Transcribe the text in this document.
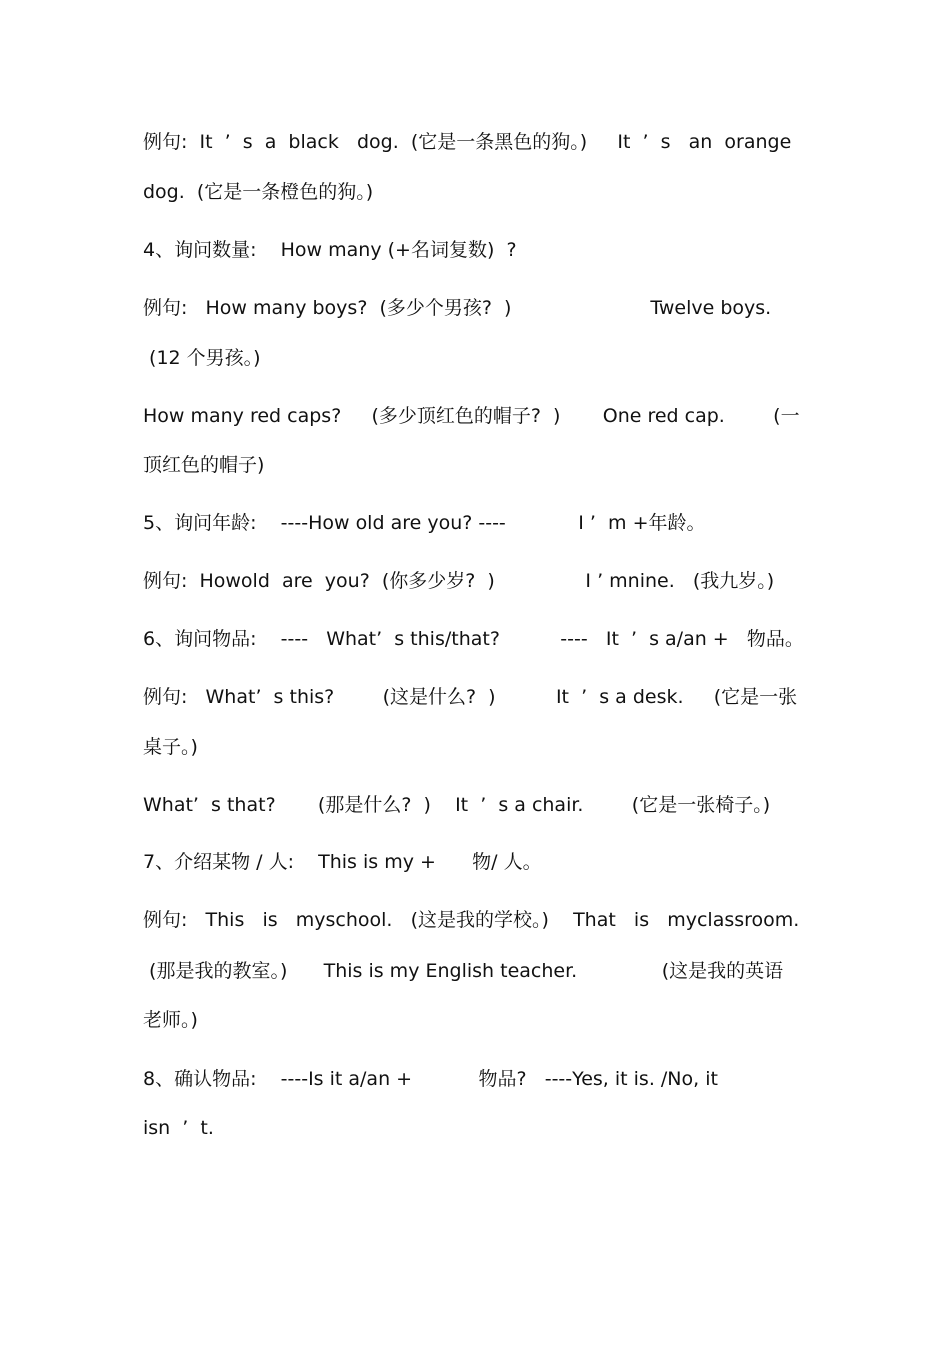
例句:  It  ’  s  a  black   dog.  (它是一条黑色的狗。)     It  ’  s   an  orange
dog.  (它是一条橙色的狗。)
4、询问数量:    How many (+名词复数)  ?
例句:   How many boys?  (多少个男孩?  )                       Twelve boys.
(12 个男孩。)
How many red caps?     (多少顶红色的帽子?  )       One red cap.        (一
顶红色的帽子)
5、询问年龄:    ----How old are you? ----            I ’  m +年龄。
例句:  Howold  are  you?  (你多少岁?  )               I ’ mnine.   (我九岁。)
6、询问物品:    ----   What’  s this/that?          ----   It  ’  s a/an +   物品。
例句:   What’  s this?        (这是什么?  )          It  ’  s a desk.     (它是一张
桌子。)
What’  s that?       (那是什么?  )    It  ’  s a chair.        (它是一张椅子。)
7、介绍某物 / 人:    This is my +      物/ 人。
例句:   This   is   myschool.   (这是我的学校。)    That   is   myclassroom.
(那是我的教室。)      This is my English teacher.              (这是我的英语
老师。)
8、确认物品:    ----Is it a/an +           物品?   ----Yes, it is. /No, it
isn  ’  t.
